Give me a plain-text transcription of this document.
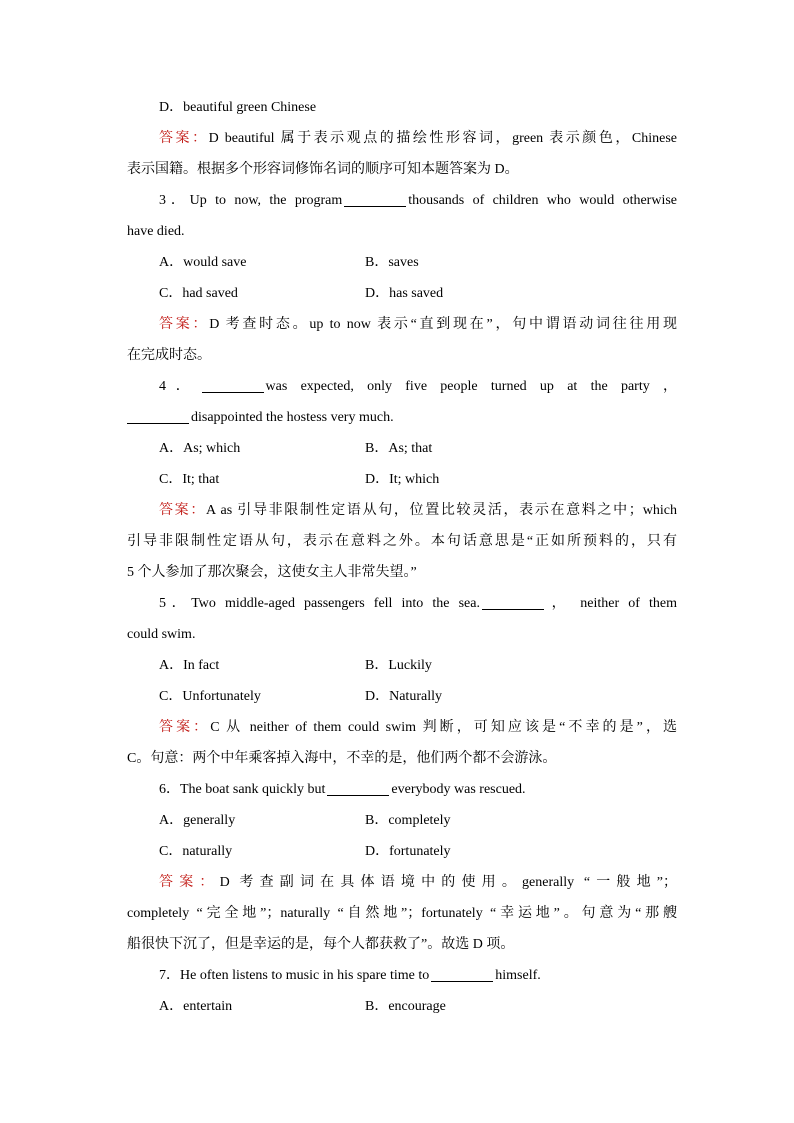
D．beautiful green Chinese
答案：D beautiful 属于表示观点的描绘性形容词，green 表示颜色，Chinese
表示国籍。根据多个形容词修饰名词的顺序可知本题答案为 D。
3．Up to now, the program	thousands of children who would otherwise
have died.
A．would save	B．saves
C．had saved	D．has saved
答案：D 考查时态。up to now 表示“直到现在”，句中谓语动词往往用现
在完成时态。
4．	was expected, only five people turned up at the party ，
disappointed the hostess very much.
A．As; which	B．As; that
C．It; that	D．It; which
答案：A as 引导非限制性定语从句，位置比较灵活，表示在意料之中；which
引导非限制性定语从句，表示在意料之外。本句话意思是“正如所预料的，只有
5 个人参加了那次聚会，这使女主人非常失望。”
5．Two middle-aged passengers fell into the sea.	， neither of them
could swim.
A．In fact	B．Luckily
C．Unfortunately	D．Naturally
答案：C 从 neither of them could swim 判断，可知应该是“不幸的是”，选
C。句意：两个中年乘客掉入海中，不幸的是，他们两个都不会游泳。
6．The boat sank quickly but	everybody was rescued.
A．generally	B．completely
C．naturally	D．fortunately
答案：D 考查副词在具体语境中的使用。generally “一般地”；
completely “完全地”；naturally “自然地”；fortunately “幸运地”。句意为“那艘
船很快下沉了，但是幸运的是，每个人都获救了”。故选 D 项。
7．He often listens to music in his spare time to	himself.
A．entertain	B．encourage
